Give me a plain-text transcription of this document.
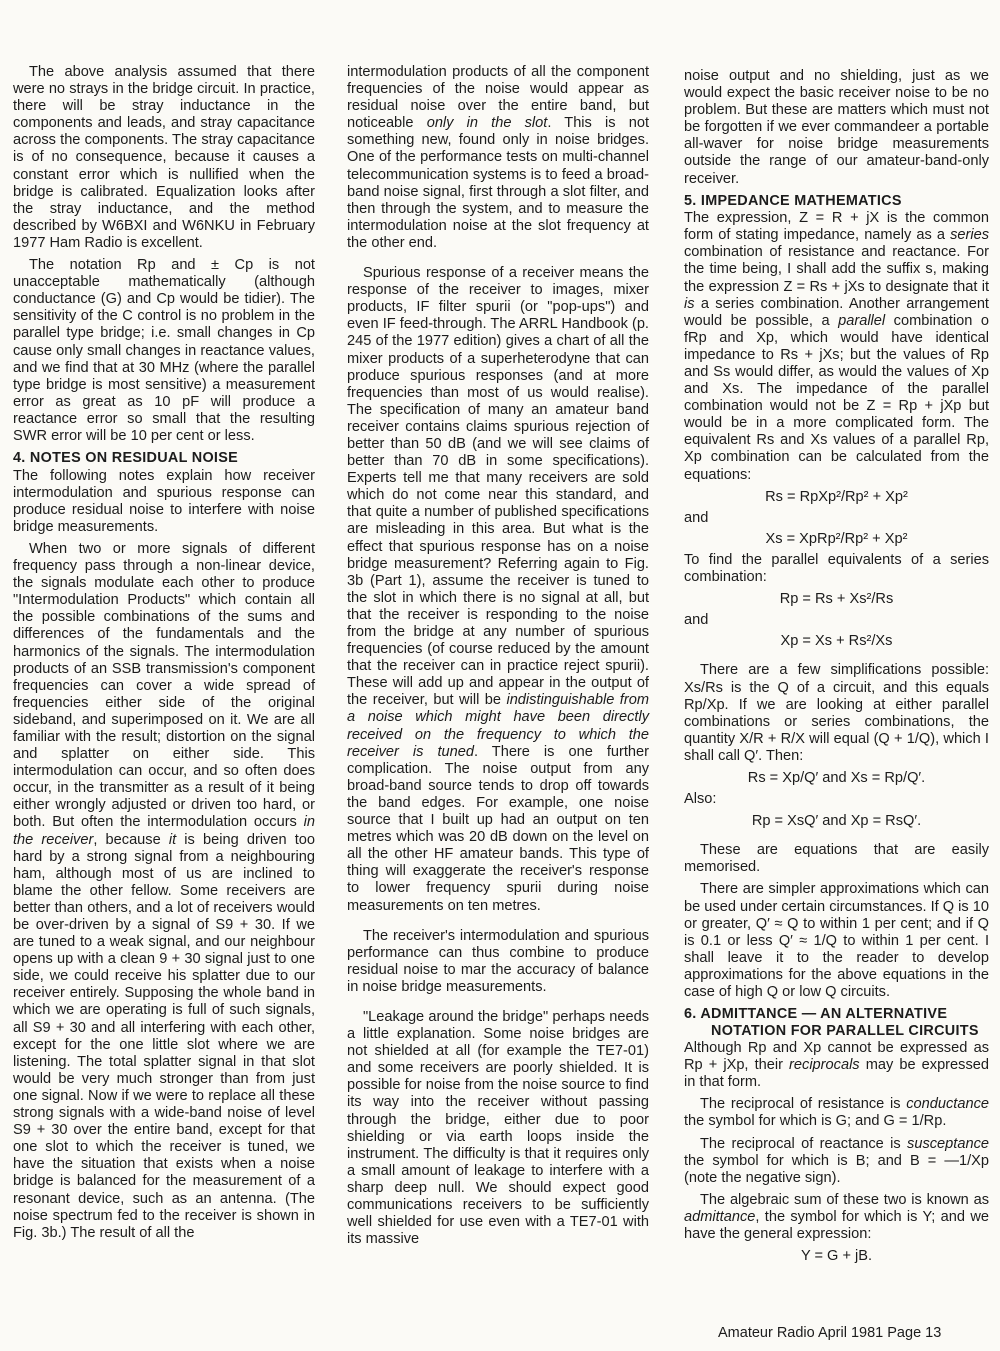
The above analysis assumed that there were no strays in the bridge circuit. In practice, there will be stray inductance in the components and leads, and stray capacitance across the components. The stray capacitance is of no consequence, because it causes a constant error which is nullified when the bridge is calibrated. Equalization looks after the stray inductance, and the method described by W6BXI and W6NKU in February 1977 Ham Radio is excellent.

The notation Rp and ± Cp is not unacceptable mathematically (although conductance (G) and Cp would be tidier). The sensitivity of the C control is no problem in the parallel type bridge; i.e. small changes in Cp cause only small changes in reactance values, and we find that at 30 MHz (where the parallel type bridge is most sensitive) a measurement error as great as 10 pF will produce a reactance error so small that the resulting SWR error will be 10 per cent or less.

4. NOTES ON RESIDUAL NOISE

The following notes explain how receiver intermodulation and spurious response can produce residual noise to interfere with noise bridge measurements.

When two or more signals of different frequency pass through a non-linear device, the signals modulate each other to produce "Intermodulation Products" which contain all the possible combinations of the sums and differences of the fundamentals and the harmonics of the signals. The intermodulation products of an SSB transmission's component frequencies can cover a wide spread of frequencies either side of the original sideband, and superimposed on it. We are all familiar with the result; distortion on the signal and splatter on either side. This intermodulation can occur, and so often does occur, in the transmitter as a result of it being either wrongly adjusted or driven too hard, or both. But often the intermodulation occurs in the receiver, because it is being driven too hard by a strong signal from a neighbouring ham, although most of us are inclined to blame the other fellow. Some receivers are better than others, and a lot of receivers would be over-driven by a signal of S9 + 30. If we are tuned to a weak signal, and our neighbour opens up with a clean 9 + 30 signal just to one side, we could receive his splatter due to our receiver entirely. Supposing the whole band in which we are operating is full of such signals, all S9 + 30 and all interfering with each other, except for the one little slot where we are listening. The total splatter signal in that slot would be very much stronger than from just one signal. Now if we were to replace all these strong signals with a wide-band noise of level S9 + 30 over the entire band, except for that one slot to which the receiver is tuned, we have the situation that exists when a noise bridge is balanced for the measurement of a resonant device, such as an antenna. (The noise spectrum fed to the receiver is shown in Fig. 3b.) The result of all the

intermodulation products of all the component frequencies of the noise would appear as residual noise over the entire band, but noticeable only in the slot. This is not something new, found only in noise bridges. One of the performance tests on multi-channel telecommunication systems is to feed a broad-band noise signal, first through a slot filter, and then through the system, and to measure the intermodulation noise at the slot frequency at the other end.

Spurious response of a receiver means the response of the receiver to images, mixer products, IF filter spurii (or "pop-ups") and even IF feed-through. The ARRL Handbook (p. 245 of the 1977 edition) gives a chart of all the mixer products of a superheterodyne that can produce spurious responses (and at more frequencies than most of us would realise). The specification of many an amateur band receiver contains claims spurious rejection of better than 50 dB (and we will see claims of better than 70 dB in some specifications). Experts tell me that many receivers are sold which do not come near this standard, and that quite a number of published specifications are misleading in this area. But what is the effect that spurious response has on a noise bridge measurement? Referring again to Fig. 3b (Part 1), assume the receiver is tuned to the slot in which there is no signal at all, but that the receiver is responding to the noise from the bridge at any number of spurious frequencies (of course reduced by the amount that the receiver can in practice reject spurii). These will add up and appear in the output of the receiver, but will be indistinguishable from a noise which might have been directly received on the frequency to which the receiver is tuned. There is one further complication. The noise output from any broad-band source tends to drop off towards the band edges. For example, one noise source that I built up had an output on ten metres which was 20 dB down on the level on all the other HF amateur bands. This type of thing will exaggerate the receiver's response to lower frequency spurii during noise measurements on ten metres.

The receiver's intermodulation and spurious performance can thus combine to produce residual noise to mar the accuracy of balance in noise bridge measurements.

"Leakage around the bridge" perhaps needs a little explanation. Some noise bridges are not shielded at all (for example the TE7-01) and some receivers are poorly shielded. It is possible for noise from the noise source to find its way into the receiver without passing through the bridge, either due to poor shielding or via earth loops inside the instrument. The difficulty is that it requires only a small amount of leakage to interfere with a sharp deep null. We should expect good communications receivers to be sufficiently well shielded for use even with a TE7-01 with its massive

noise output and no shielding, just as we would expect the basic receiver noise to be no problem. But these are matters which must not be forgotten if we ever commandeer a portable all-waver for noise bridge measurements outside the range of our amateur-band-only receiver.

5. IMPEDANCE MATHEMATICS

The expression, Z = R + jX is the common form of stating impedance, namely as a series combination of resistance and reactance. For the time being, I shall add the suffix s, making the expression Z = Rs + jXs to designate that it is a series combination. Another arrangement would be possible, a parallel combination o fRp and Xp, which would have identical impedance to Rs + jXs; but the values of Rp and Ss would differ, as would the values of Xp and Xs. The impedance of the parallel combination would not be Z = Rp + jXp but would be in a more complicated form. The equivalent Rs and Xs values of a parallel Rp, Xp combination can be calculated from the equations:

Rs = RpXp²/Rp² + Xp²
and
Xs = XpRp²/Rp² + Xp²

To find the parallel equivalents of a series combination:

Rp = Rs + Xs²/Rs
and
Xp = Xs + Rs²/Xs

There are a few simplifications possible: Xs/Rs is the Q of a circuit, and this equals Rp/Xp. If we are looking at either parallel combinations or series combinations, the quantity X/R + R/X will equal (Q + 1/Q), which I shall call Q′. Then:

Rs = Xp/Q′ and Xs = Rp/Q′.

Also:

Rp = XsQ′ and Xp = RsQ′.

These are equations that are easily memorised.

There are simpler approximations which can be used under certain circumstances. If Q is 10 or greater, Q′ ≈ Q to within 1 per cent; and if Q is 0.1 or less Q′ ≈ 1/Q to within 1 per cent. I shall leave it to the reader to develop approximations for the above equations in the case of high Q or low Q circuits.

6. ADMITTANCE — AN ALTERNATIVE NOTATION FOR PARALLEL CIRCUITS

Although Rp and Xp cannot be expressed as Rp + jXp, their reciprocals may be expressed in that form.

The reciprocal of resistance is conductance the symbol for which is G; and G = 1/Rp.

The reciprocal of reactance is susceptance the symbol for which is B; and B = —1/Xp (note the negative sign).

The algebraic sum of these two is known as admittance, the symbol for which is Y; and we have the general expression:

Y = G + jB.
Amateur Radio April 1981 Page 13
